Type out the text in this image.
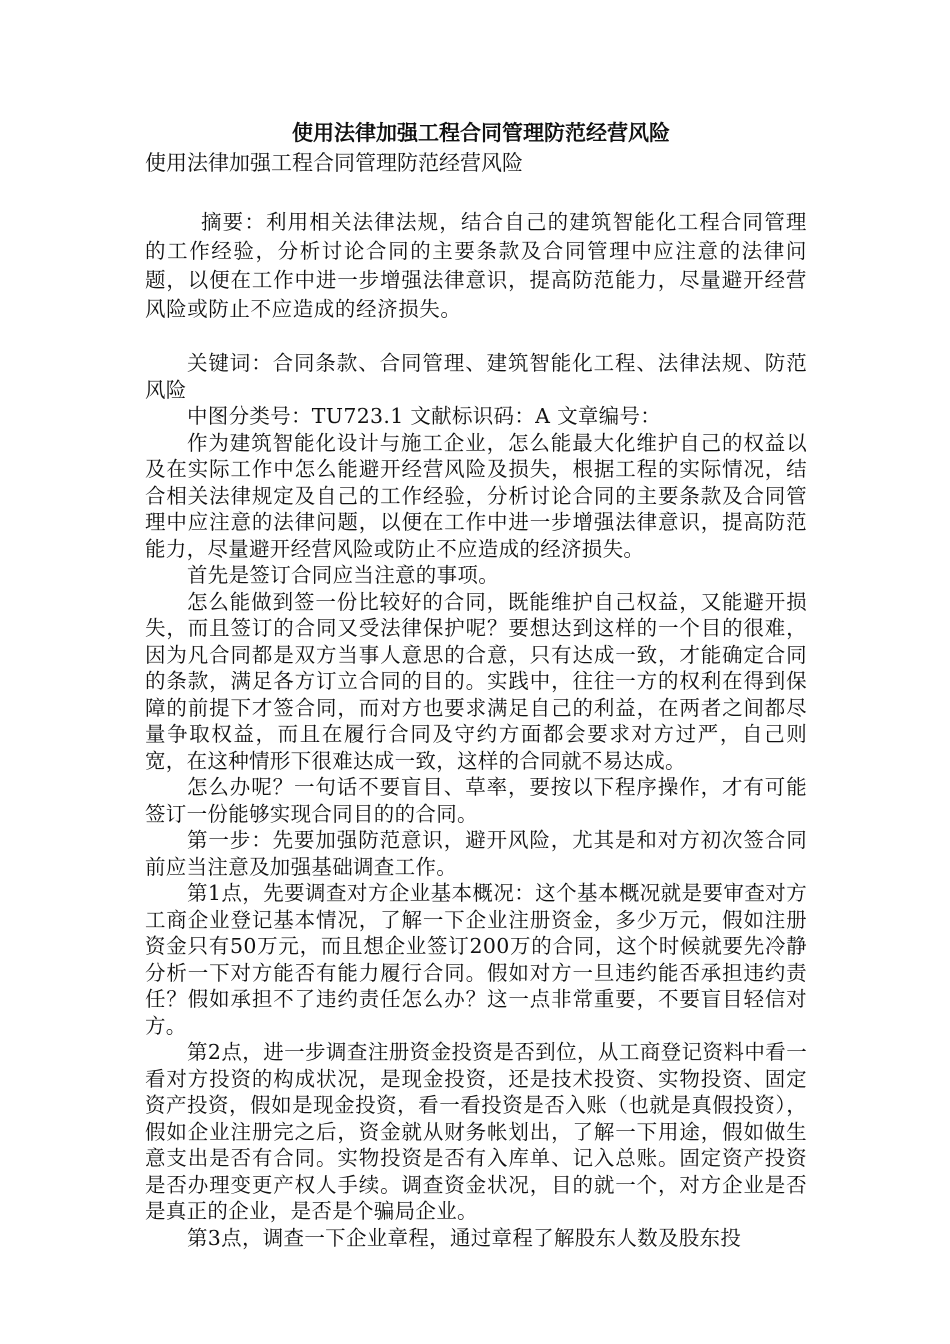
使用法律加强工程合同管理防范经营风险

使用法律加强工程合同管理防范经营风险

摘要：利用相关法律法规，结合自己的建筑智能化工程合同管理的工作经验，分析讨论合同的主要条款及合同管理中应注意的法律问题，以便在工作中进一步增强法律意识，提高防范能力，尽量避开经营风险或防止不应造成的经济损失。

关键词：合同条款、合同管理、建筑智能化工程、法律法规、防范风险

中图分类号：TU723.1 文献标识码：A 文章编号：

作为建筑智能化设计与施工企业，怎么能最大化维护自己的权益以及在实际工作中怎么能避开经营风险及损失，根据工程的实际情况，结合相关法律规定及自己的工作经验，分析讨论合同的主要条款及合同管理中应注意的法律问题，以便在工作中进一步增强法律意识，提高防范能力，尽量避开经营风险或防止不应造成的经济损失。

首先是签订合同应当注意的事项。

怎么能做到签一份比较好的合同，既能维护自己权益，又能避开损失，而且签订的合同又受法律保护呢？要想达到这样的一个目的很难，因为凡合同都是双方当事人意思的合意，只有达成一致，才能确定合同的条款，满足各方订立合同的目的。实践中，往往一方的权利在得到保障的前提下才签合同，而对方也要求满足自己的利益，在两者之间都尽量争取权益，而且在履行合同及守约方面都会要求对方过严，自己则宽，在这种情形下很难达成一致，这样的合同就不易达成。

怎么办呢？一句话不要盲目、草率，要按以下程序操作，才有可能签订一份能够实现合同目的的合同。

第一步：先要加强防范意识，避开风险，尤其是和对方初次签合同前应当注意及加强基础调查工作。

第1点，先要调查对方企业基本概况：这个基本概况就是要审查对方工商企业登记基本情况，了解一下企业注册资金，多少万元，假如注册资金只有50万元，而且想企业签订200万的合同，这个时候就要先冷静分析一下对方能否有能力履行合同。假如对方一旦违约能否承担违约责任？假如承担不了违约责任怎么办？这一点非常重要，不要盲目轻信对方。

第2点，进一步调查注册资金投资是否到位，从工商登记资料中看一看对方投资的构成状况，是现金投资，还是技术投资、实物投资、固定资产投资，假如是现金投资，看一看投资是否入账（也就是真假投资），假如企业注册完之后，资金就从财务帐划出，了解一下用途，假如做生意支出是否有合同。实物投资是否有入库单、记入总账。固定资产投资是否办理变更产权人手续。调查资金状况，目的就一个，对方企业是否是真正的企业，是否是个骗局企业。

第3点，调查一下企业章程，通过章程了解股东人数及股东投
